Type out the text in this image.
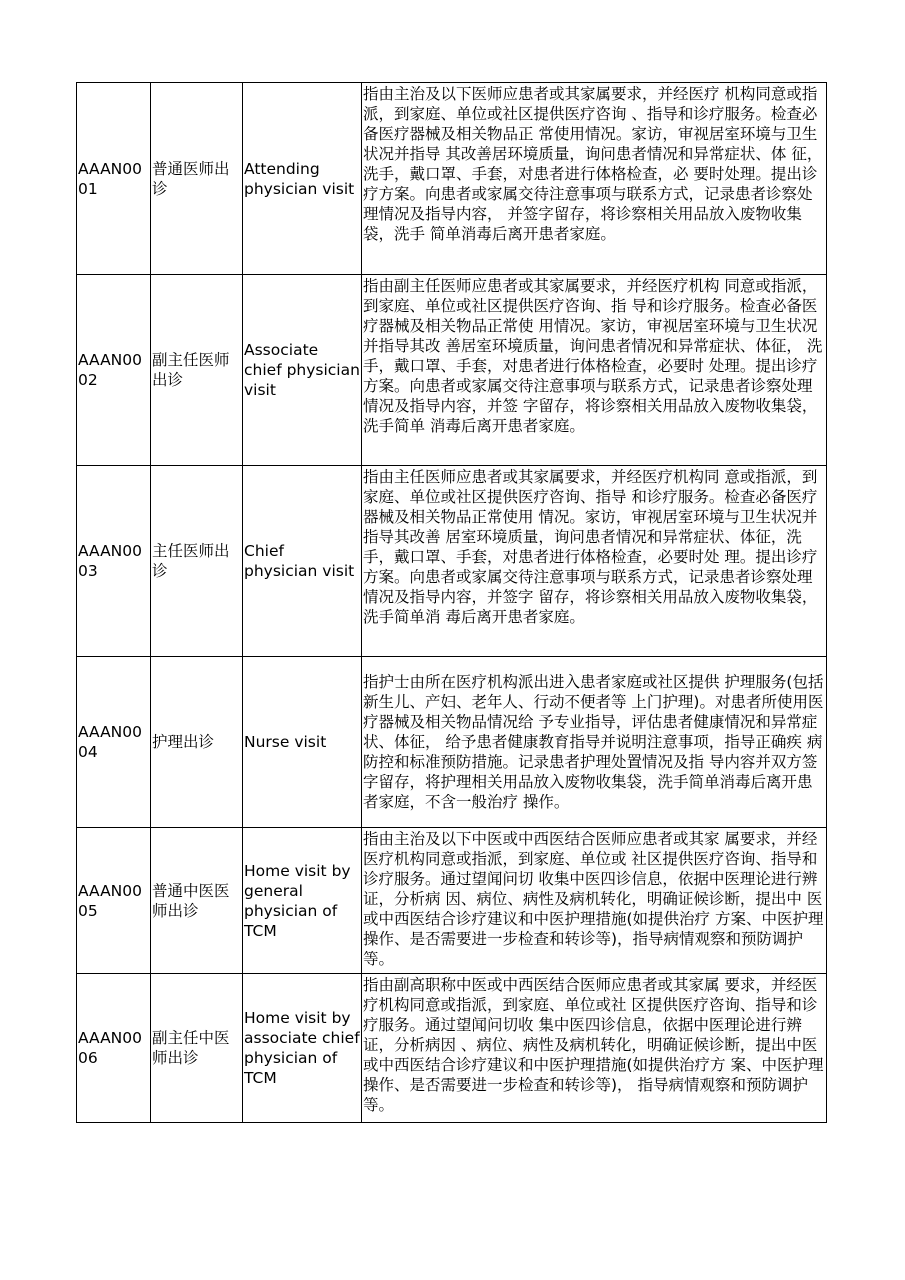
AAAN0001	普通医师出诊	Attending physician visit	指由主治及以下医师应患者或其家属要求，并经医疗 机构同意或指派，到家庭、单位或社区提供医疗咨询 、指导和诊疗服务。检查必备医疗器械及相关物品正 常使用情况。家访，审视居室环境与卫生状况并指导 其改善居环境质量，询问患者情况和异常症状、体 征，洗手，戴口罩、手套，对患者进行体格检查，必 要时处理。提出诊疗方案。向患者或家属交待注意事项与联系方式，记录患者诊察处理情况及指导内容， 并签字留存，将诊察相关用品放入废物收集袋，洗手 简单消毒后离开患者家庭。

AAAN0002	副主任医师出诊	Associate chief physician visit	指由副主任医师应患者或其家属要求，并经医疗机构 同意或指派，到家庭、单位或社区提供医疗咨询、指 导和诊疗服务。检查必备医疗器械及相关物品正常使 用情况。家访，审视居室环境与卫生状况并指导其改 善居室环境质量，询问患者情况和异常症状、体征， 洗手，戴口罩、手套，对患者进行体格检查，必要时 处理。提出诊疗方案。向患者或家属交待注意事项与联系方式，记录患者诊察处理情况及指导内容，并签 字留存，将诊察相关用品放入废物收集袋，洗手简单 消毒后离开患者家庭。

AAAN0003	主任医师出诊	Chief physician visit	指由主任医师应患者或其家属要求，并经医疗机构同 意或指派，到家庭、单位或社区提供医疗咨询、指导 和诊疗服务。检查必备医疗器械及相关物品正常使用 情况。家访，审视居室环境与卫生状况并指导其改善 居室环境质量，询问患者情况和异常症状、体征，洗 手，戴口罩、手套，对患者进行体格检查，必要时处 理。提出诊疗方案。向患者或家属交待注意事项与联系方式，记录患者诊察处理情况及指导内容，并签字 留存，将诊察相关用品放入废物收集袋，洗手简单消 毒后离开患者家庭。

AAAN0004	护理出诊	Nurse visit	指护士由所在医疗机构派出进入患者家庭或社区提供 护理服务(包括新生儿、产妇、老年人、行动不便者等 上门护理)。对患者所使用医疗器械及相关物品情况给 予专业指导，评估患者健康情况和异常症状、体征， 给予患者健康教育指导并说明注意事项，指导正确疾 病防控和标准预防措施。记录患者护理处置情况及指 导内容并双方签字留存，将护理相关用品放入废物收集袋，洗手简单消毒后离开患者家庭，不含一般治疗 操作。

AAAN0005	普通中医医师出诊	Home visit by general physician of TCM	指由主治及以下中医或中西医结合医师应患者或其家 属要求，并经医疗机构同意或指派，到家庭、单位或 社区提供医疗咨询、指导和诊疗服务。通过望闻问切 收集中医四诊信息，依据中医理论进行辨证，分析病 因、病位、病性及病机转化，明确证候诊断，提出中 医或中西医结合诊疗建议和中医护理措施(如提供治疗 方案、中医护理操作、是否需要进一步检查和转诊等)，指导病情观察和预防调护等。

AAAN0006	副主任中医师出诊	Home visit by associate chief physician of TCM	指由副高职称中医或中西医结合医师应患者或其家属 要求，并经医疗机构同意或指派，到家庭、单位或社 区提供医疗咨询、指导和诊疗服务。通过望闻问切收 集中医四诊信息，依据中医理论进行辨证，分析病因 、病位、病性及病机转化，明确证候诊断，提出中医 或中西医结合诊疗建议和中医护理措施(如提供治疗方 案、中医护理操作、是否需要进一步检查和转诊等)， 指导病情观察和预防调护等。
